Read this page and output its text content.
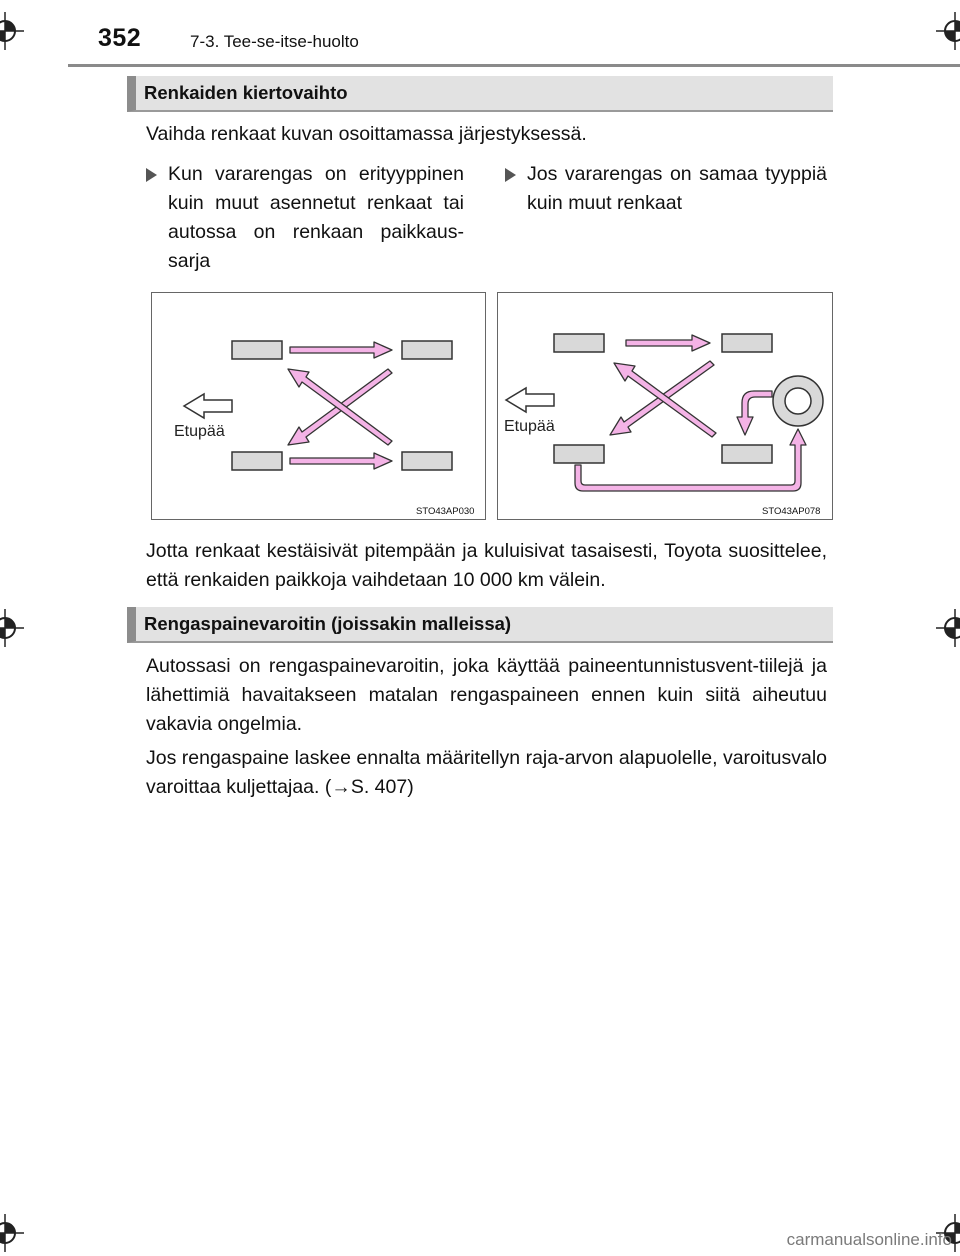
352	7-3. Tee-se-itse-huolto
Renkaiden kiertovaihto
Vaihda renkaat kuvan osoittamassa järjestyksessä.
Kun vararengas on erityyppinen kuin muut asennetut renkaat tai autossa on renkaan paikkaus-sarja
Jos vararengas on samaa tyyppiä kuin muut renkaat
Etupää
STO43AP030
Etupää
STO43AP078
Jotta renkaat kestäisivät pitempään ja kuluisivat tasaisesti, Toyota suosittelee, että renkaiden paikkoja vaihdetaan 10 000 km välein.
Rengaspainevaroitin (joissakin malleissa)
Autossasi on rengaspainevaroitin, joka käyttää paineentunnistusvent-tiilejä ja lähettimiä havaitakseen matalan rengaspaineen ennen kuin siitä aiheutuu vakavia ongelmia.
Jos rengaspaine laskee ennalta määritellyn raja-arvon alapuolelle, varoitusvalo varoittaa kuljettajaa. (→S. 407)
carmanualsonline.info
